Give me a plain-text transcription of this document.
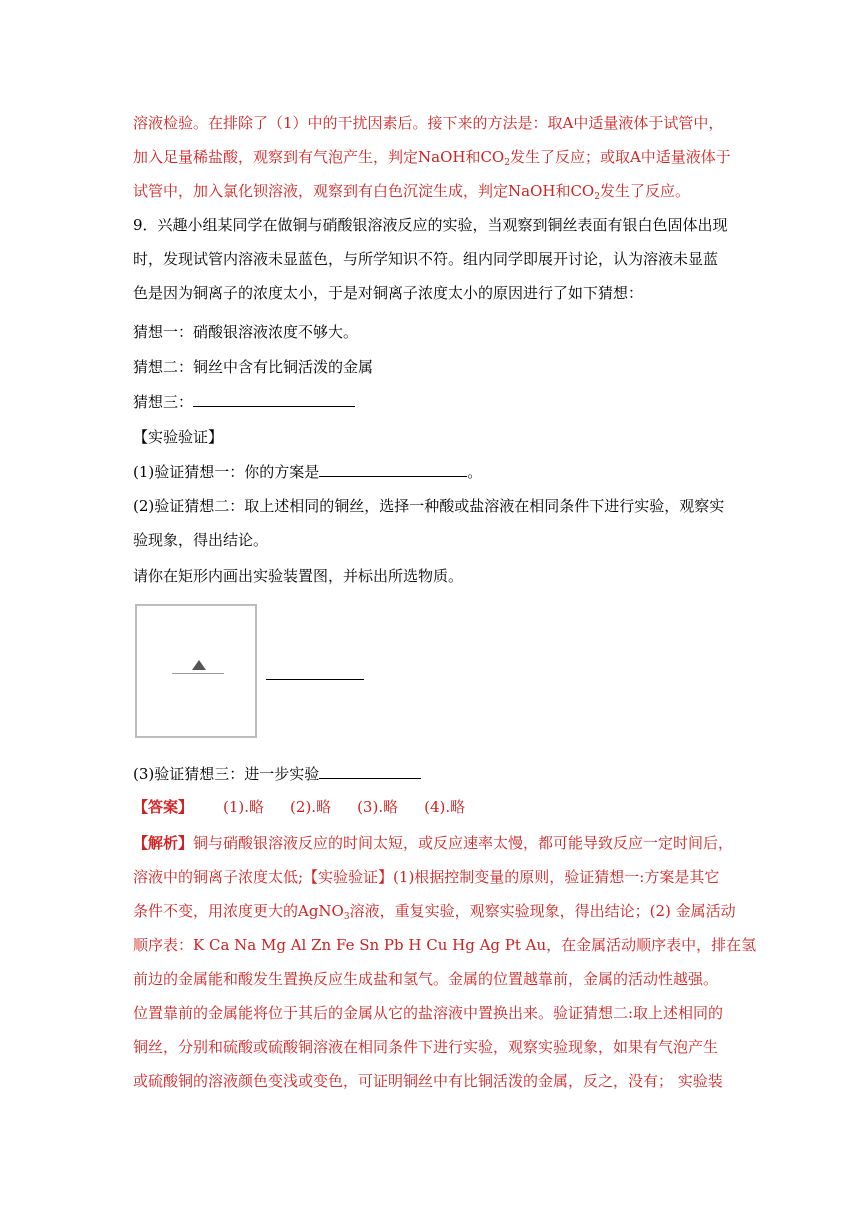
溶液检验。在排除了（1）中的干扰因素后。接下来的方法是：取A中适量液体于试管中，
加入足量稀盐酸，观察到有气泡产生，判定NaOH和$CO_2$发生了反应；或取A中适量液体于
试管中，加入氯化钡溶液，观察到有白色沉淀生成，判定NaOH和$CO_2$发生了反应。
9．兴趣小组某同学在做铜与硝酸银溶液反应的实验，当观察到铜丝表面有银白色固体出现
时，发现试管内溶液未显蓝色，与所学知识不符。组内同学即展开讨论，认为溶液未显蓝
色是因为铜离子的浓度太小，于是对铜离子浓度太小的原因进行了如下猜想：
猜想一：硝酸银溶液浓度不够大。
猜想二：铜丝中含有比铜活泼的金属
猜想三：
【实验验证】
(1)验证猜想一：你的方案是	。
(2)验证猜想二：取上述相同的铜丝，选择一种酸或盐溶液在相同条件下进行实验，观察实
验现象，得出结论。
请你在矩形内画出实验装置图，并标出所选物质。
(3)验证猜想三：进一步实验
【答案】 (1).略 (2).略 (3).略 (4).略
【解析】铜与硝酸银溶液反应的时间太短，或反应速率太慢，都可能导致反应一定时间后，
溶液中的铜离子浓度太低;【实验验证】(1)根据控制变量的原则，验证猜想一:方案是其它
条件不变，用浓度更大的AgNO$_3$溶液，重复实验，观察实验现象，得出结论；(2) 金属活动
顺序表：K Ca Na Mg Al Zn Fe Sn Pb H Cu Hg Ag Pt Au，在金属活动顺序表中，排在氢
前边的金属能和酸发生置换反应生成盐和氢气。金属的位置越靠前，金属的活动性越强。
位置靠前的金属能将位于其后的金属从它的盐溶液中置换出来。验证猜想二:取上述相同的
铜丝，分别和硫酸或硫酸铜溶液在相同条件下进行实验，观察实验现象，如果有气泡产生
或硫酸铜的溶液颜色变浅或变色，可证明铜丝中有比铜活泼的金属，反之，没有； 实验装
